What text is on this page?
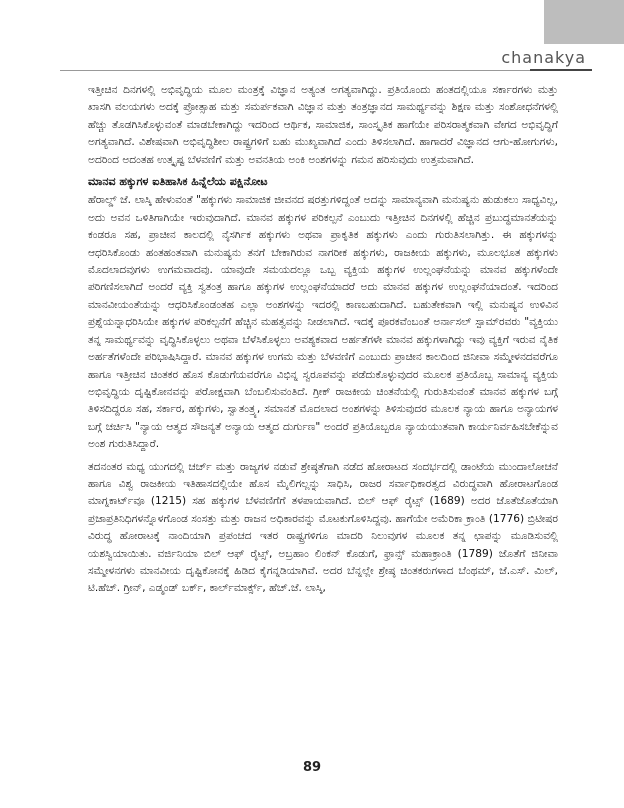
chanakya

ಇತ್ತೀಚಿನ ದಿನಗಳಲ್ಲಿ ಅಭಿವೃದ್ಧಿಯ ಮೂಲ ಮಂತ್ರಕ್ಕೆ ವಿಜ್ಞಾನ ಅತ್ಯಂತ ಅಗತ್ಯವಾಗಿದ್ದು. ಪ್ರತಿಯೊಂದು ಹಂತದಲ್ಲಿಯೂ ಸರ್ಕಾರಗಳು ಮತ್ತು ಖಾಸಗಿ ವಲಯಗಳು ಅದಕ್ಕೆ ಪ್ರೋತ್ಸಾಹ ಮತ್ತು ಸಮರ್ಪಕವಾಗಿ ವಿಜ್ಞಾನ ಮತ್ತು ತಂತ್ರಜ್ಞಾನದ ಸಾಮರ್ಥ್ಯವನ್ನು ಶಿಕ್ಷಣ ಮತ್ತು ಸಂಶೋಧನೆಗಳಲ್ಲಿ ಹೆಚ್ಚು ತೊಡಗಿಸಿಕೊಳ್ಳುವಂತೆ ಮಾಡಬೇಕಾಗಿದ್ದು ಇದರಿಂದ ಆರ್ಥಿಕ, ಸಾಮಾಜಿಕ, ಸಾಂಸ್ಕೃತಿಕ ಹಾಗೆಯೇ ಪರಿಸರಾತ್ಮಕವಾಗಿ ವೇಗದ ಅಭಿವೃದ್ಧಿಗೆ ಅಗತ್ಯವಾಗಿದೆ. ವಿಶೇಷವಾಗಿ ಅಭಿವೃದ್ಧಿಶೀಲ ರಾಷ್ಟ್ರಗಳಿಗೆ ಬಹು ಮುಖ್ಯವಾಗಿದೆ ಎಂದು ತಿಳಿಸಲಾಗಿದೆ. ಹಾಗಾದರೆ ವಿಜ್ಞಾನದ ಆಗು-ಹೋಗುಗಳು, ಅದರಿಂದ ಅದಂತಹ ಉತ್ಕೃಷ್ಟ ಬೆಳವಣಿಗೆ ಮತ್ತು ಅವನತಿಯ ಅಂಕಿ ಅಂಶಗಳನ್ನು ಗಮನ ಹರಿಸುವುದು ಉತ್ತಮವಾಗಿದೆ.

ಮಾನವ ಹಕ್ಕುಗಳ ಐತಿಹಾಸಿಕ ಹಿನ್ನೆಲೆಯ ಪಕ್ಷಿನೋಟ

ಹೆರಾಲ್ಡ್ ಜೆ. ಲಾಸ್ಕಿ ಹೇಳುವಂತೆ "ಹಕ್ಕುಗಳು ಸಾಮಾಜಿಕ ಜೀವನದ ಷರತ್ತುಗಳಿದ್ದಂತೆ ಅದನ್ನು ಸಾಮಾನ್ಯವಾಗಿ ಮನುಷ್ಯನು ಹುಡುಕಲು ಸಾಧ್ಯವಿಲ್ಲ, ಅದು ಅವನ ಒಳಿತಿಗಾಗಿಯೇ ಇರುವುದಾಗಿದೆ. ಮಾನವ ಹಕ್ಕುಗಳ ಪರಿಕಲ್ಪನೆ ಎಂಬುದು ಇತ್ತೀಚಿನ ದಿನಗಳಲ್ಲಿ ಹೆಚ್ಚಿನ ಪ್ರಬುದ್ಧಮಾನತೆಯನ್ನು ಕಂಡರೂ ಸಹ, ಪ್ರಾಚೀನ ಕಾಲದಲ್ಲಿ ನೈಸರ್ಗಿಕ ಹಕ್ಕುಗಳು ಅಥವಾ ಪ್ರಾಕೃತಿಕ ಹಕ್ಕುಗಳು ಎಂದು ಗುರುತಿಸಲಾಗಿತ್ತು. ಈ ಹಕ್ಕುಗಳನ್ನು ಆಧರಿಸಿಕೊಂಡು ಹಂತಹಂತವಾಗಿ ಮನುಷ್ಯನು ತನಗೆ ಬೇಕಾಗಿರುವ ನಾಗರೀಕ ಹಕ್ಕುಗಳು, ರಾಜಕೀಯ ಹಕ್ಕುಗಳು, ಮೂಲಭೂತ ಹಕ್ಕುಗಳು ಮೊದಲಾದವುಗಳು ಉಗಮವಾದವು. ಯಾವುದೇ ಸಮಯದಲ್ಲೂ ಒಬ್ಬ ವ್ಯಕ್ತಿಯ ಹಕ್ಕುಗಳ ಉಲ್ಲಂಘನೆಯನ್ನು ಮಾನವ ಹಕ್ಕುಗಳೆಂದೇ ಪರಿಗಣಿಸಲಾಗಿದೆ ಅಂದರೆ ವ್ಯಕ್ತಿ ಸ್ವತಂತ್ರ ಹಾಗೂ ಹಕ್ಕುಗಳ ಉಲ್ಲಂಘನೆಯಾದರೆ ಅದು ಮಾನವ ಹಕ್ಕುಗಳ ಉಲ್ಲಂಘನೆಯಾದಂತೆ. ಇದರಿಂದ ಮಾನವೀಯಂತೆಯನ್ನು ಆಧರಿಸಿಕೊಂಡಂತಹ ಎಲ್ಲಾ ಅಂಶಗಳನ್ನು ಇದರಲ್ಲಿ ಕಾಣಬಹುದಾಗಿದೆ. ಬಹುತೇಕವಾಗಿ ಇಲ್ಲಿ ಮನುಷ್ಯನ ಉಳಿವಿನ ಪ್ರಶ್ನೆಯನ್ನಾಧರಿಸಿಯೇ ಹಕ್ಕುಗಳ ಪರಿಕಲ್ಪನೆಗೆ ಹೆಚ್ಚಿನ ಮಹತ್ವವನ್ನು ನೀಡಲಾಗಿದೆ. ಇದಕ್ಕೆ ಪೂರಕವೆಂಬಂತೆ ಅರ್ನಾಸಲ್ ಸ್ಪಾಮ್‌ರವರು "ವ್ಯಕ್ತಿಯು ತನ್ನ ಸಾಮರ್ಥ್ಯವನ್ನು ವೃದ್ಧಿಸಿಕೊಳ್ಳಲು ಅಥವಾ ಬೆಳೆಸಿಕೊಳ್ಳಲು ಅವಶ್ಯಕವಾದ ಅರ್ಹತೆಗಳೇ ಮಾನವ ಹಕ್ಕುಗಳಾಗಿದ್ದು ಇವು ವ್ಯಕ್ತಿಗೆ ಇರುವ ನೈತಿಕ ಅರ್ಹತೆಗಳೆಂದೇ ಪರಿಭಾಷಿಸಿದ್ದಾರೆ. ಮಾನವ ಹಕ್ಕುಗಳ ಉಗಮ ಮತ್ತು ಬೆಳವಣಿಗೆ ಎಂಬುದು ಪ್ರಾಚೀನ ಕಾಲದಿಂದ ಜಿನೀವಾ ಸಮ್ಮೇಳನದವರೆಗೂ ಹಾಗೂ ಇತ್ತೀಚಿನ ಚಿಂತಕರ ಹೊಸ ಕೊಡುಗೆಯವರೆಗೂ ವಿಭಿನ್ನ ಸ್ವರೂಪವನ್ನು ಪಡೆದುಕೊಳ್ಳುವುದರ ಮೂಲಕ ಪ್ರತಿಯೊಬ್ಬ ಸಾಮಾನ್ಯ ವ್ಯಕ್ತಿಯ ಅಭಿವೃದ್ಧಿಯ ದೃಷ್ಟಿಕೋನವನ್ನು ಪರೋಕ್ಷವಾಗಿ ಬೆಂಬಲಿಸುವಂತಿದೆ. ಗ್ರೀಕ್ ರಾಜಕೀಯ ಚಿಂತನೆಯಲ್ಲಿ ಗುರುತಿಸುವಂತೆ ಮಾನವ ಹಕ್ಕುಗಳ ಬಗ್ಗೆ ತಿಳಿಸದಿದ್ದರೂ ಸಹ, ಸರ್ಕಾರ, ಹಕ್ಕುಗಳು, ಸ್ವಾತಂತ್ರ್ಯ, ಸಮಾನತೆ ಮೊದಲಾದ ಅಂಶಗಳನ್ನು ತಿಳಿಸುವುದರ ಮೂಲಕ ನ್ಯಾಯ ಹಾಗೂ ಅನ್ಯಾಯಗಳ ಬಗ್ಗೆ ಚರ್ಚಿಸಿ "ನ್ಯಾಯ ಆತ್ಮದ ಸೌಜನ್ಯತೆ ಅನ್ಯಾಯ ಆತ್ಮದ ದುರ್ಗುಣ" ಅಂದರೆ ಪ್ರತಿಯೊಬ್ಬರೂ ನ್ಯಾಯಯುತವಾಗಿ ಕಾರ್ಯನಿರ್ವಹಿಸಬೇಕೆನ್ನುವ ಅಂಶ ಗುರುತಿಸಿದ್ದಾರೆ.

ತದನಂತರ ಮಧ್ಯ ಯುಗದಲ್ಲಿ ಚರ್ಚ್ ಮತ್ತು ರಾಜ್ಯಗಳ ನಡುವೆ ಶ್ರೇಷ್ಠತೆಗಾಗಿ ನಡೆದ ಹೋರಾಟದ ಸಂದರ್ಭದಲ್ಲಿ ಡಾಂಟೆಯ ಮುಂದಾಲೋಚನೆ ಹಾಗೂ ವಿಶ್ವ ರಾಜಕೀಯ ಇತಿಹಾಸದಲ್ಲಿಯೇ ಹೊಸ ಮೈಲಿಗಲ್ಲನ್ನು ಸಾಧಿಸಿ, ರಾಜರ ಸರ್ವಾಧಿಕಾರತ್ವದ ವಿರುದ್ಧವಾಗಿ ಹೋರಾಟಗೊಂಡ ಮಾಗ್ನಕಾರ್ಟ್‌ವೂ (1215) ಸಹ ಹಕ್ಕುಗಳ ಬೆಳವಣಿಗೆಗೆ ತಳಪಾಯವಾಗಿದೆ. ಬಿಲ್ ಆಫ್ ರೈಟ್ಸ್ (1689) ಅದರ ಜೊತೆಜೊತೆಯಾಗಿ ಪ್ರಜಾಪ್ರತಿನಿಧಿಗಳನ್ನೊಳಗೊಂಡ ಸಂಸತ್ತು ಮತ್ತು ರಾಜನ ಅಧಿಕಾರವನ್ನು ಮೊಟಕುಗೊಳಿಸಿದ್ದವು. ಹಾಗೆಯೇ ಅಮೆರಿಕಾ ಕ್ರಾಂತಿ (1776) ಬ್ರಿಟೀಷರ ವಿರುದ್ಧ ಹೋರಾಟಕ್ಕೆ ನಾಂದಿಯಾಗಿ ಪ್ರಪಂಚದ ಇತರ ರಾಷ್ಟ್ರಗಳಿಗೂ ಮಾದರಿ ನಿಲುವುಗಳ ಮೂಲಕ ತನ್ನ ಛಾಪನ್ನು ಮೂಡಿಸುವಲ್ಲಿ ಯಶಸ್ವಿಯಾಯಿತು. ವರ್ಜಿನಿಯಾ ಬಿಲ್ ಆಫ್ ರೈಟ್ಸ್, ಅಬ್ರಹಾಂ ಲಿಂಕನ್ ಕೊಡುಗೆ, ಫ್ರಾನ್ಸ್ ಮಹಾಕ್ರಾಂತಿ (1789) ಜೊತೆಗೆ ಜಿನೀವಾ ಸಮ್ಮೇಳನಗಳು ಮಾನವೀಯ ದೃಷ್ಟಿಕೋನಕ್ಕೆ ಹಿಡಿದ ಕೈಗನ್ನಡಿಯಾಗಿವೆ. ಅದರ ಬೆನ್ನಲ್ಲೇ ಶ್ರೇಷ್ಠ ಚಿಂತಕರುಗಳಾದ ಬೆಂಥಮ್, ಜೆ.ಎಸ್. ಮಿಲ್, ಟಿ.ಹೆಚ್. ಗ್ರೀನ್, ಎಡ್ಮಂಡ್ ಬರ್ಕ್, ಕಾರ್ಲ್‌ಮಾರ್ಕ್ಸ್, ಹೆಚ್.ಜೆ. ಲಾಸ್ಕಿ,

89
